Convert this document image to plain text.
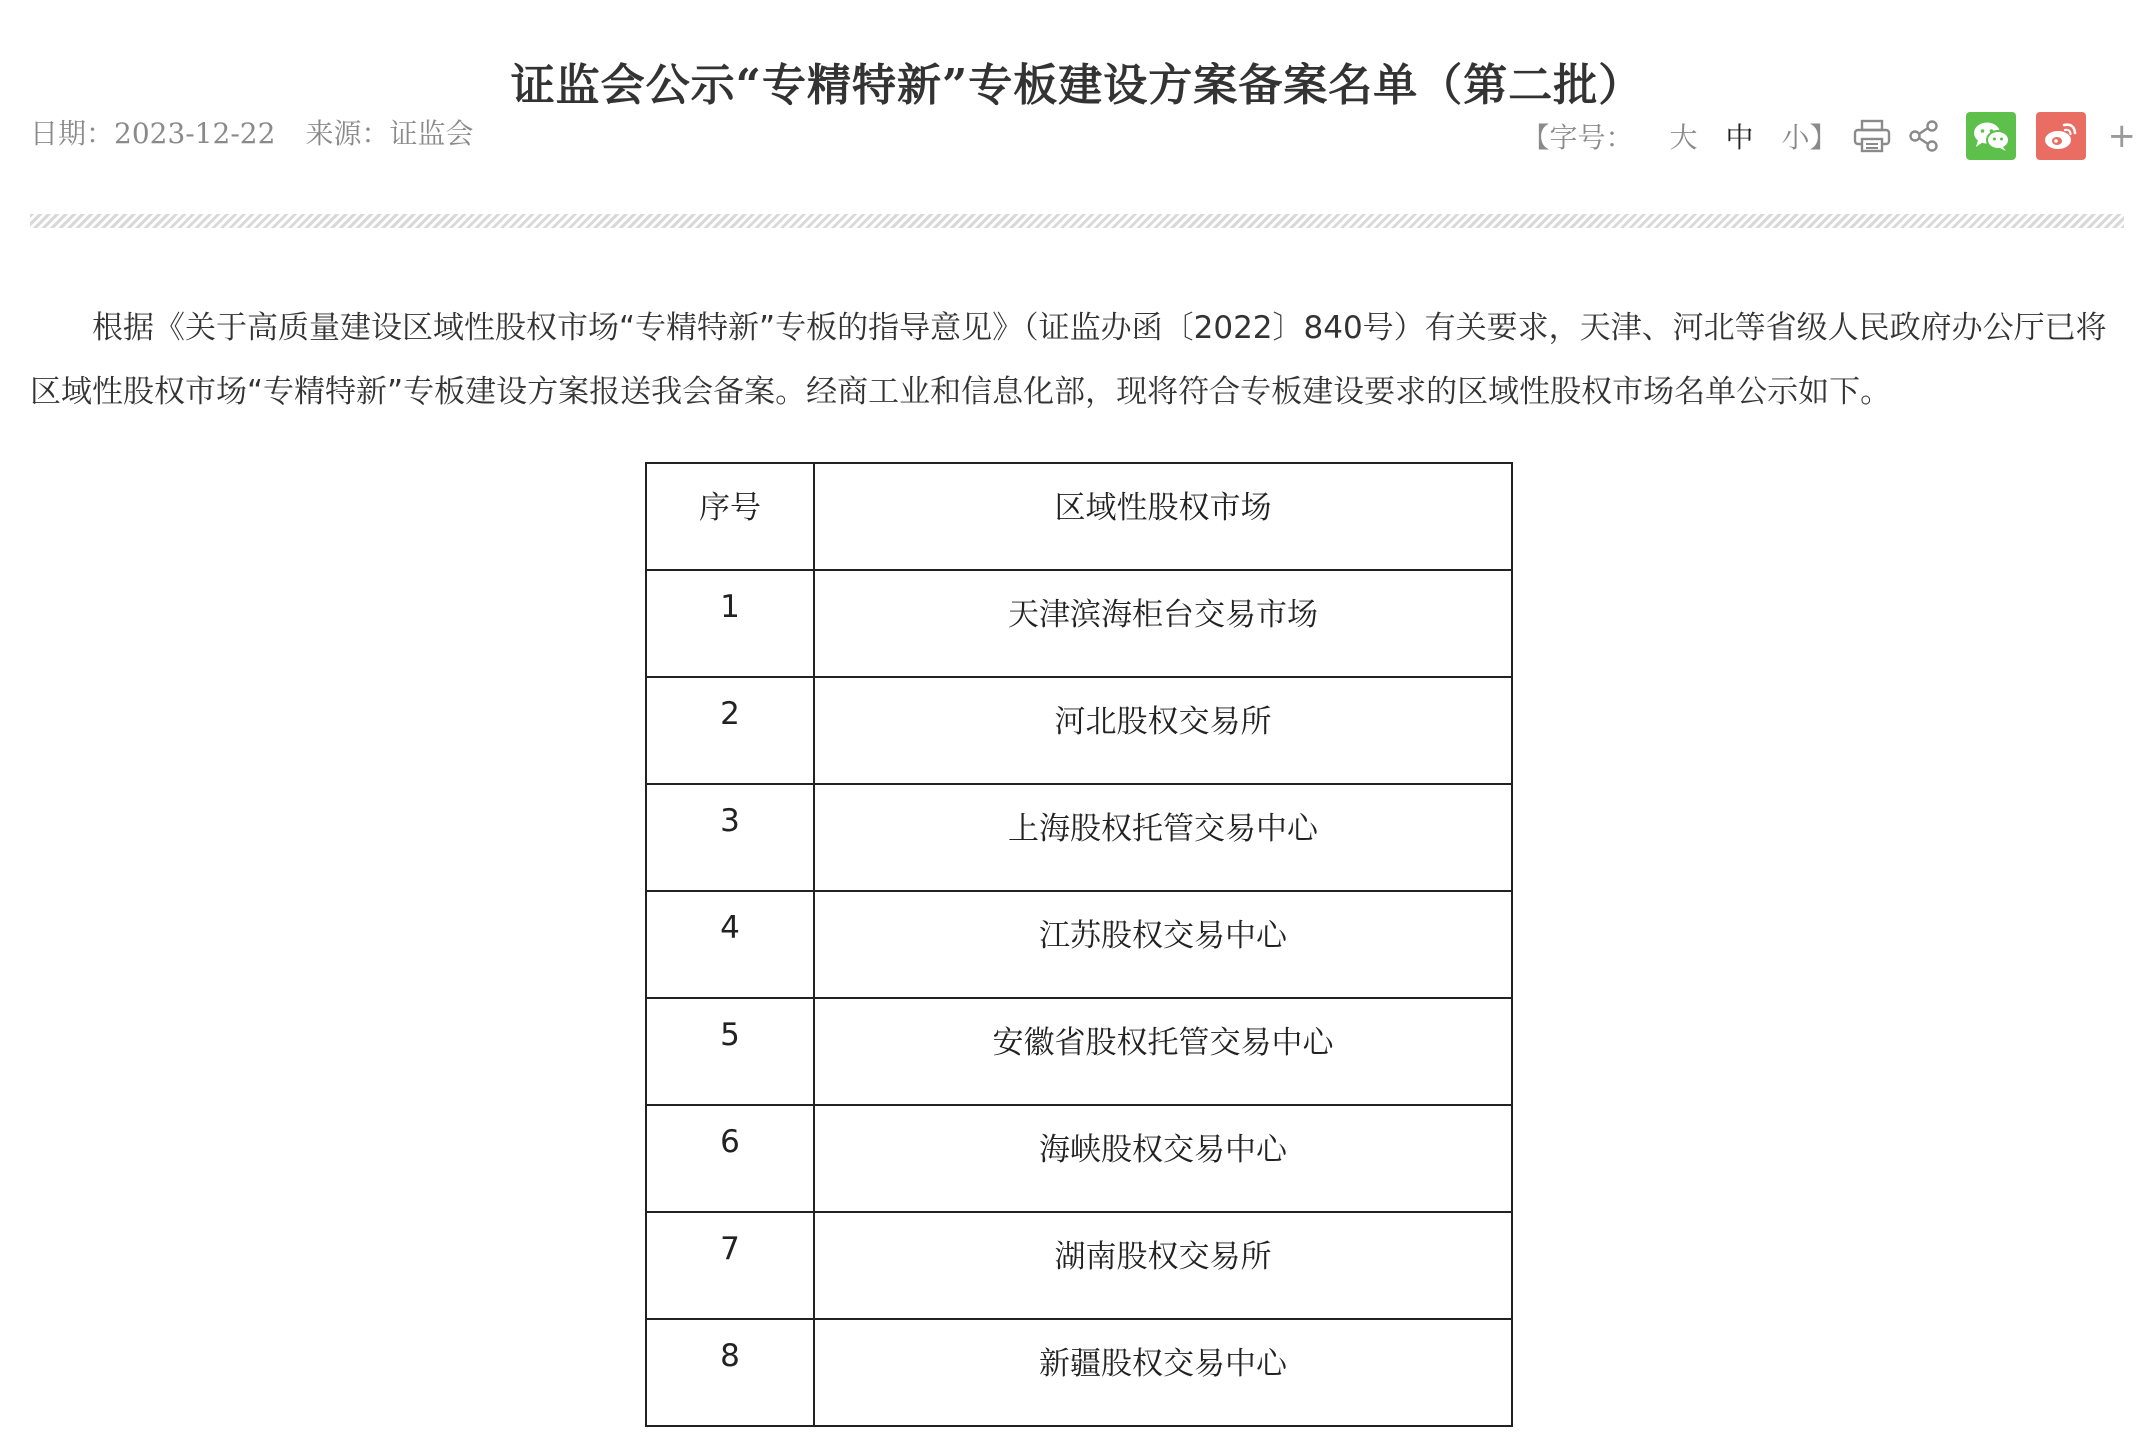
证监会公示“专精特新”专板建设方案备案名单（第二批）
日期：2023-12-22 来源：证监会	【字号： 大 中 小】	+

根据《关于高质量建设区域性股权市场“专精特新”专板的指导意见》（证监办函〔2022〕840号）有关要求，天津、河北等省级人民政府办公厅已将区域性股权市场“专精特新”专板建设方案报送我会备案。经商工业和信息化部，现将符合专板建设要求的区域性股权市场名单公示如下。

序号	区域性股权市场
1	天津滨海柜台交易市场
2	河北股权交易所
3	上海股权托管交易中心
4	江苏股权交易中心
5	安徽省股权托管交易中心
6	海峡股权交易中心
7	湖南股权交易所
8	新疆股权交易中心
